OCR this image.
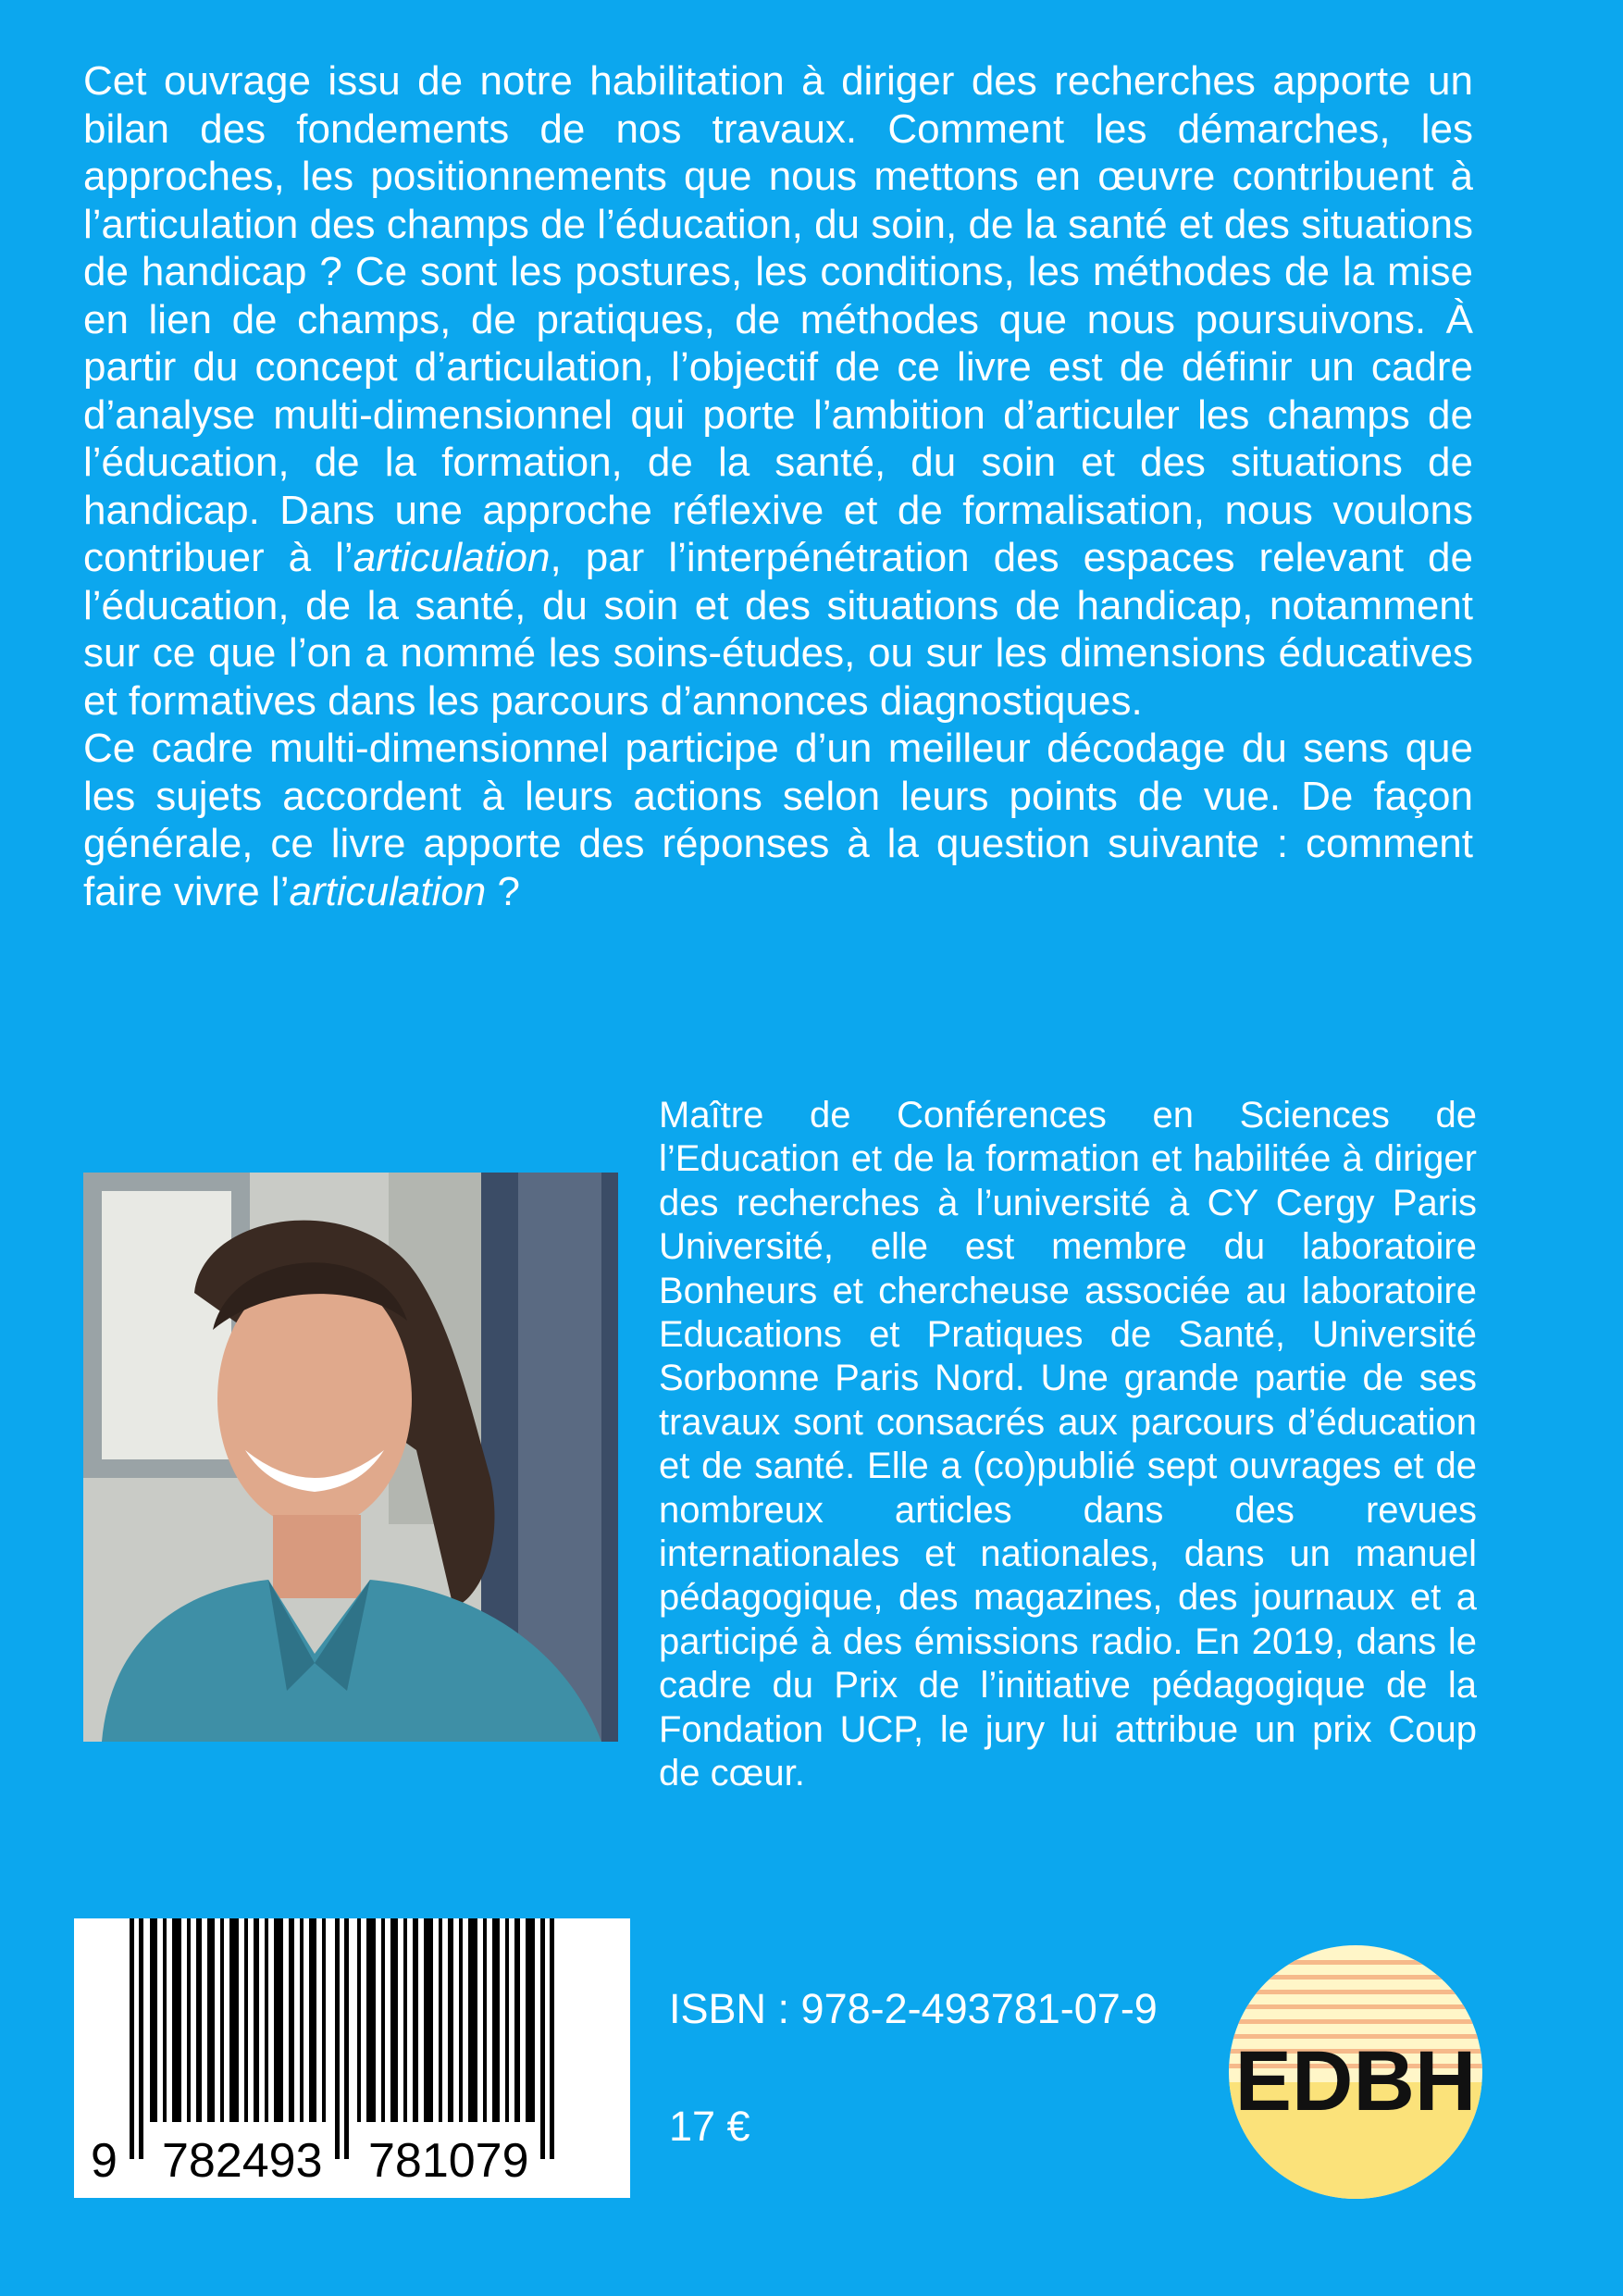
Cet ouvrage issu de notre habilitation à diriger des recherches apporte un bilan des fondements de nos travaux. Comment les démarches, les approches, les positionnements que nous mettons en œuvre contribuent à l’articulation des champs de l’éducation, du soin, de la santé et des situations de handicap ? Ce sont les postures, les conditions, les méthodes de la mise en lien de champs, de pratiques, de méthodes que nous poursuivons. À partir du concept d’articulation, l’objectif de ce livre est de définir un cadre d’analyse multi-dimensionnel qui porte l’ambition d’articuler les champs de l’éducation, de la formation, de la santé, du soin et des situations de handicap. Dans une approche réflexive et de formalisation, nous voulons contribuer à l’articulation, par l’interpénétration des espaces relevant de l’éducation, de la santé, du soin et des situations de handicap, notamment sur ce que l’on a nommé les soins-études, ou sur les dimensions éducatives et formatives dans les parcours d’annonces diagnostiques.

Ce cadre multi-dimensionnel participe d’un meilleur décodage du sens que les sujets accordent à leurs actions selon leurs points de vue. De façon générale, ce livre apporte des réponses à la question suivante : comment faire vivre l’articulation ?

Maître de Conférences en Sciences de l’Education et de la formation et habilitée à diriger des recherches à l’université à CY Cergy Paris Université, elle est membre du laboratoire Bonheurs et chercheuse associée au laboratoire Educations et Pratiques de Santé, Université Sorbonne Paris Nord. Une grande partie de ses travaux sont consacrés aux parcours d’éducation et de santé. Elle a (co)publié sept ouvrages et de nombreux articles dans des revues internationales et nationales, dans un manuel pédagogique, des magazines, des journaux et a participé à des émissions radio. En 2019, dans le cadre du Prix de l’initiative pédagogique de la Fondation UCP, le jury lui attribue un prix Coup de cœur.

9 782493 781079

ISBN : 978-2-493781-07-9

17 €	EDBH
